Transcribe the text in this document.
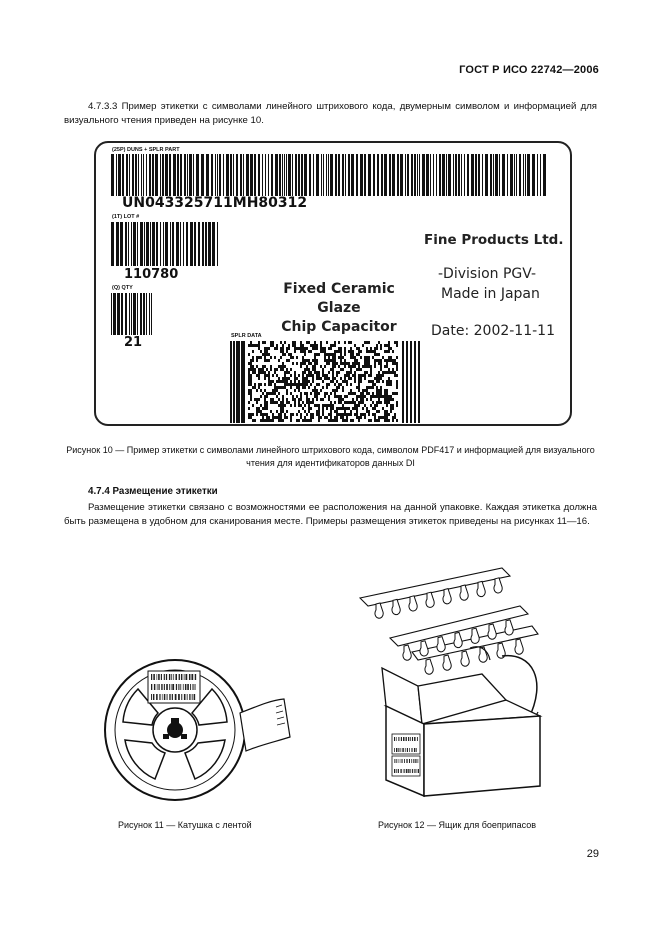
ГОСТ Р ИСО 22742—2006
4.7.3.3 Пример этикетки с символами линейного штрихового кода, двумерным символом и информацией для визуального чтения приведен на рисунке 10.
(25P) DUNS + SPLR PART
UN043325711MH80312
(1T) LOT #
110780
(Q) QTY
21	SPLR DATA
Fine Products Ltd.
-Division PGV-
Made in Japan
Fixed Ceramic Glaze
Chip Capacitor	Date: 2002-11-11
Рисунок 10 — Пример этикетки с символами линейного штрихового кода, символом PDF417 и информацией для визуального чтения для идентификаторов данных DI
4.7.4 Размещение этикетки
Размещение этикетки связано с возможностями ее расположения на данной упаковке. Каждая этикетка должна быть размещена в удобном для сканирования месте. Примеры размещения этикеток приведены на рисунках 11—16.
Рисунок 11 — Катушка с лентой	Рисунок 12 — Ящик для боеприпасов
29
